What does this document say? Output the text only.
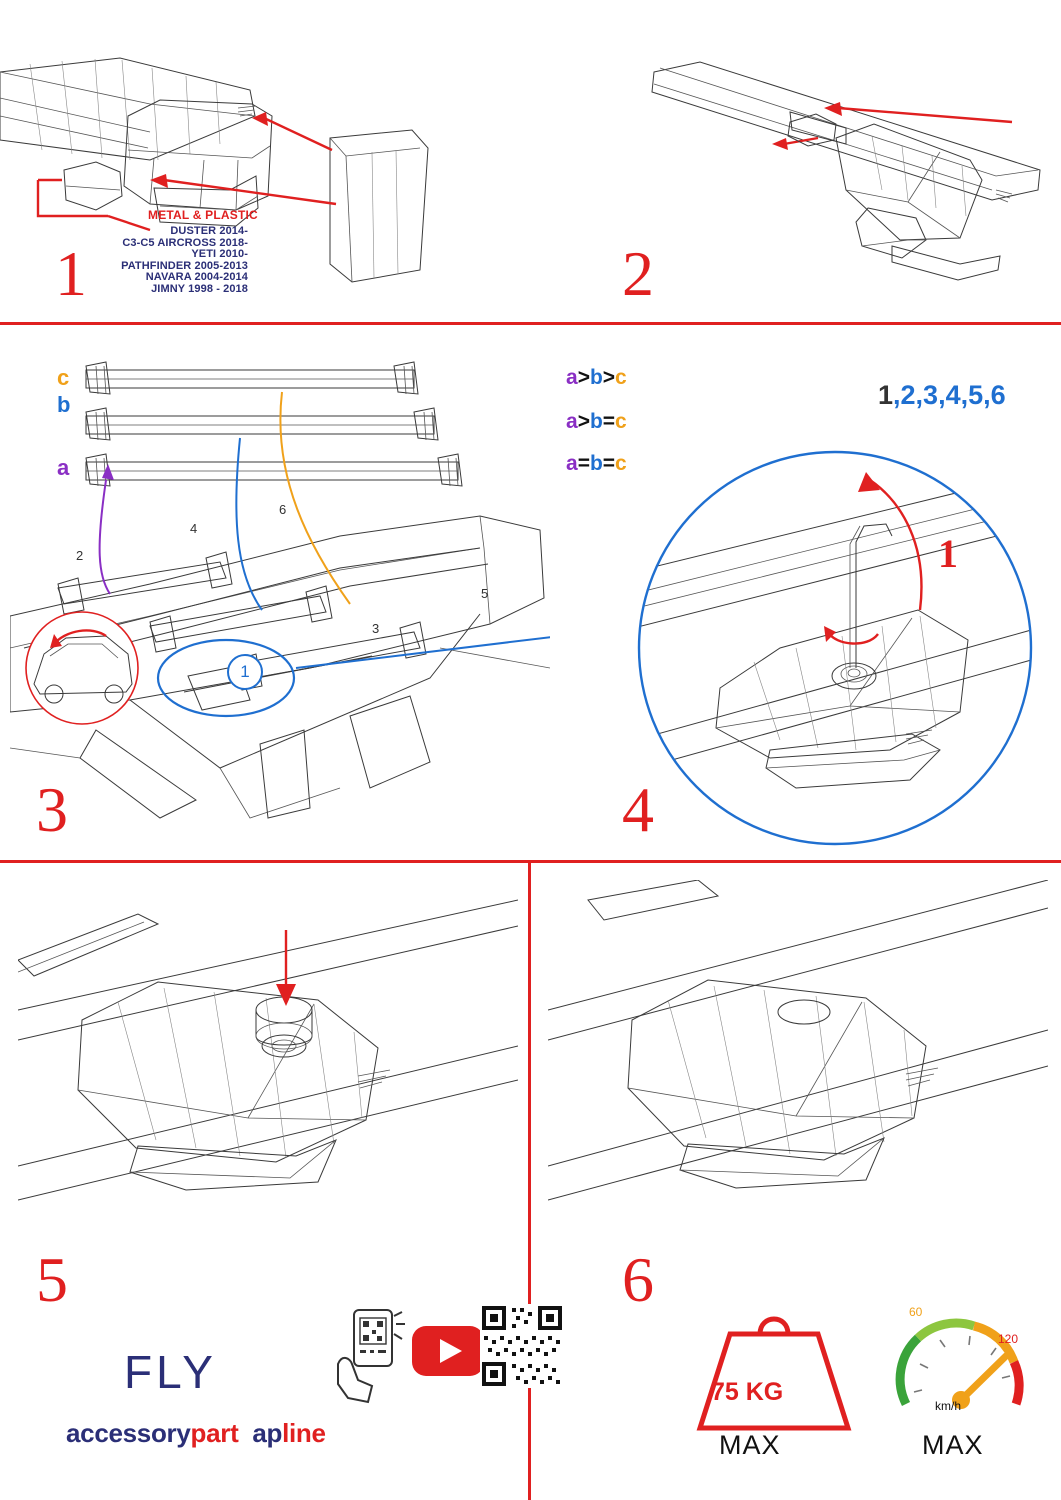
METAL & PLASTIC
DUSTER 2014-
C3-C5 AIRCROSS 2018-
YETI 2010-
PATHFINDER 2005-2013
NAVARA 2004-2014
JIMNY 1998 - 2018
1	2
c
b
a
a>b>c
a>b=c
a=b=c
2
4
6
3
5
1
3
1,2,3,4,5,6
1
4
5
FLY
accessorypart apline
6
75 KG
MAX
60
120
km/h
MAX
